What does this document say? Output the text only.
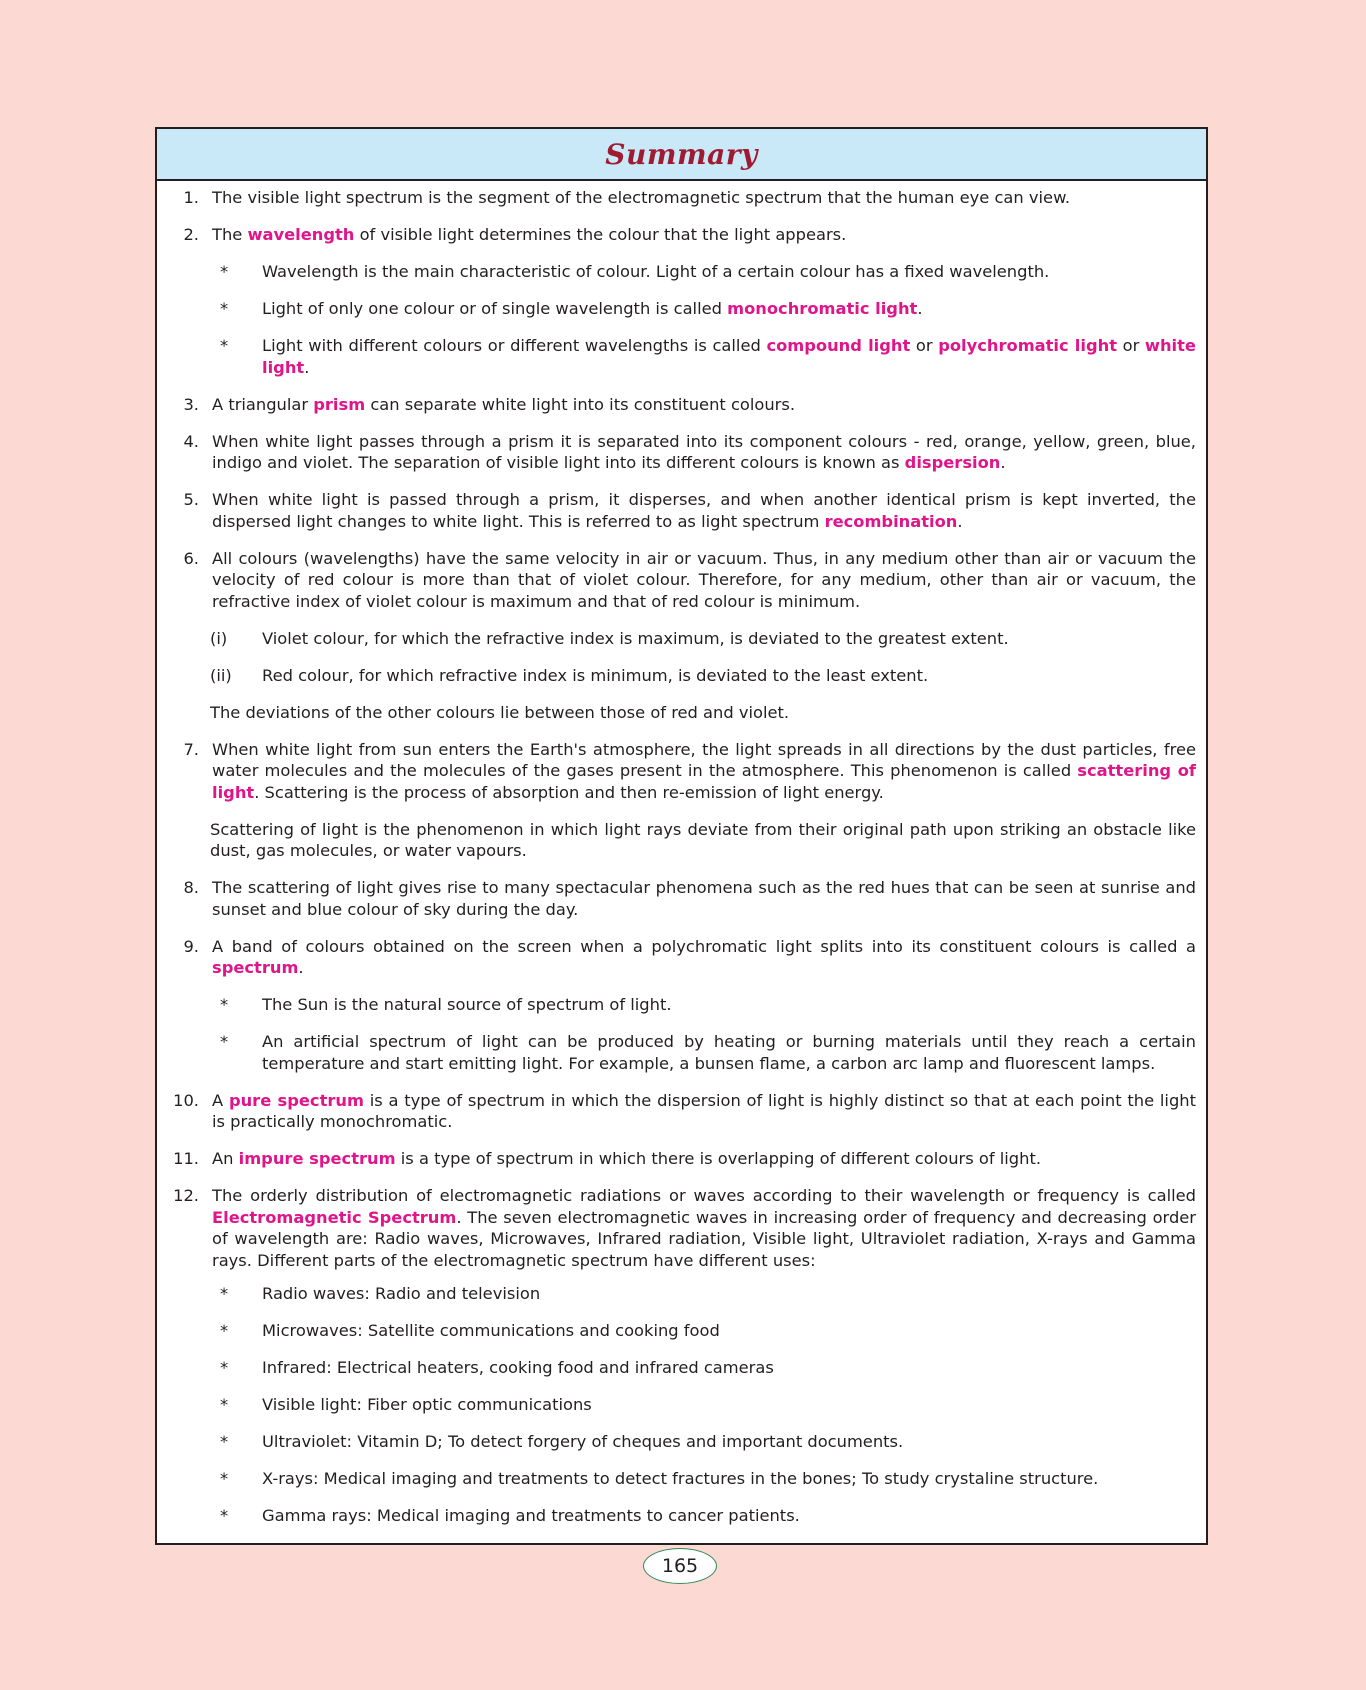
Summary
1. The visible light spectrum is the segment of the electromagnetic spectrum that the human eye can view.
2. The wavelength of visible light determines the colour that the light appears.
*	Wavelength is the main characteristic of colour. Light of a certain colour has a fixed wavelength.
*	Light of only one colour or of single wavelength is called monochromatic light.
*	Light with different colours or different wavelengths is called compound light or polychromatic light or white light.
3. A triangular prism can separate white light into its constituent colours.
4. When white light passes through a prism it is separated into its component colours - red, orange, yellow, green, blue, indigo and violet. The separation of visible light into its different colours is known as dispersion.
5. When white light is passed through a prism, it disperses, and when another identical prism is kept inverted, the dispersed light changes to white light. This is referred to as light spectrum recombination.
6. All colours (wavelengths) have the same velocity in air or vacuum. Thus, in any medium other than air or vacuum the velocity of red colour is more than that of violet colour. Therefore, for any medium, other than air or vacuum, the refractive index of violet colour is maximum and that of red colour is minimum.
(i)	Violet colour, for which the refractive index is maximum, is deviated to the greatest extent.
(ii)	Red colour, for which refractive index is minimum, is deviated to the least extent.
The deviations of the other colours lie between those of red and violet.
7. When white light from sun enters the Earth's atmosphere, the light spreads in all directions by the dust particles, free water molecules and the molecules of the gases present in the atmosphere. This phenomenon is called scattering of light. Scattering is the process of absorption and then re-emission of light energy.
Scattering of light is the phenomenon in which light rays deviate from their original path upon striking an obstacle like dust, gas molecules, or water vapours.
8. The scattering of light gives rise to many spectacular phenomena such as the red hues that can be seen at sunrise and sunset and blue colour of sky during the day.
9. A band of colours obtained on the screen when a polychromatic light splits into its constituent colours is called a spectrum.
*	The Sun is the natural source of spectrum of light.
*	An artificial spectrum of light can be produced by heating or burning materials until they reach a certain temperature and start emitting light. For example, a bunsen flame, a carbon arc lamp and fluorescent lamps.
10. A pure spectrum is a type of spectrum in which the dispersion of light is highly distinct so that at each point the light is practically monochromatic.
11. An impure spectrum is a type of spectrum in which there is overlapping of different colours of light.
12. The orderly distribution of electromagnetic radiations or waves according to their wavelength or frequency is called Electromagnetic Spectrum. The seven electromagnetic waves in increasing order of frequency and decreasing order of wavelength are: Radio waves, Microwaves, Infrared radiation, Visible light, Ultraviolet radiation, X-rays and Gamma rays. Different parts of the electromagnetic spectrum have different uses:
*	Radio waves: Radio and television
*	Microwaves: Satellite communications and cooking food
*	Infrared: Electrical heaters, cooking food and infrared cameras
*	Visible light: Fiber optic communications
*	Ultraviolet: Vitamin D; To detect forgery of cheques and important documents.
*	X-rays: Medical imaging and treatments to detect fractures in the bones; To study crystaline structure.
*	Gamma rays: Medical imaging and treatments to cancer patients.
165
